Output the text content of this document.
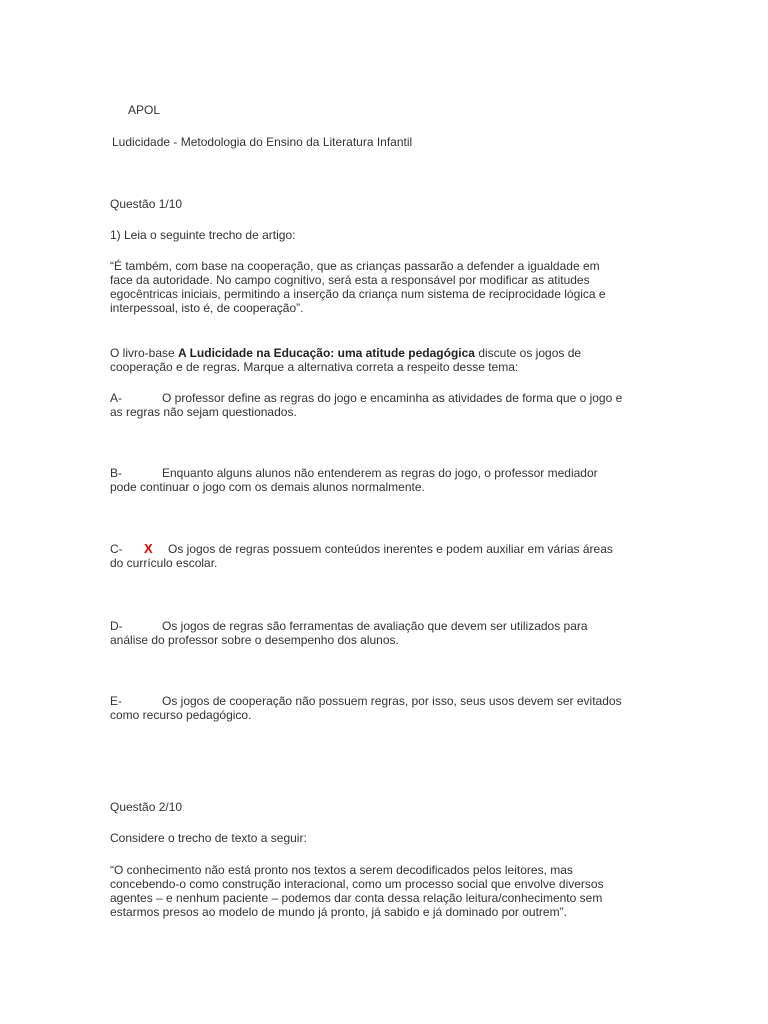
APOL
Ludicidade - Metodologia do Ensino da Literatura Infantil
Questão 1/10
1) Leia o seguinte trecho de artigo:
“É também, com base na cooperação, que as crianças passarão a defender a igualdade em
face da autoridade. No campo cognitivo, será esta a responsável por modificar as atitudes
egocêntricas iniciais, permitindo a inserção da criança num sistema de reciprocidade lógica e
interpessoal, isto é, de cooperação”.
O livro-base A Ludicidade na Educação: uma atitude pedagógica discute os jogos de
cooperação e de regras. Marque a alternativa correta a respeito desse tema:
A-	O professor define as regras do jogo e encaminha as atividades de forma que o jogo e
as regras não sejam questionados.
B-	Enquanto alguns alunos não entenderem as regras do jogo, o professor mediador
pode continuar o jogo com os demais alunos normalmente.
C- X Os jogos de regras possuem conteúdos inerentes e podem auxiliar em várias áreas
do currículo escolar.
D-	Os jogos de regras são ferramentas de avaliação que devem ser utilizados para
análise do professor sobre o desempenho dos alunos.
E-	Os jogos de cooperação não possuem regras, por isso, seus usos devem ser evitados
como recurso pedagógico.
Questão 2/10
Considere o trecho de texto a seguir:
“O conhecimento não está pronto nos textos a serem decodificados pelos leitores, mas
concebendo-o como construção interacional, como um processo social que envolve diversos
agentes – e nenhum paciente – podemos dar conta dessa relação leitura/conhecimento sem
estarmos presos ao modelo de mundo já pronto, já sabido e já dominado por outrem”.
